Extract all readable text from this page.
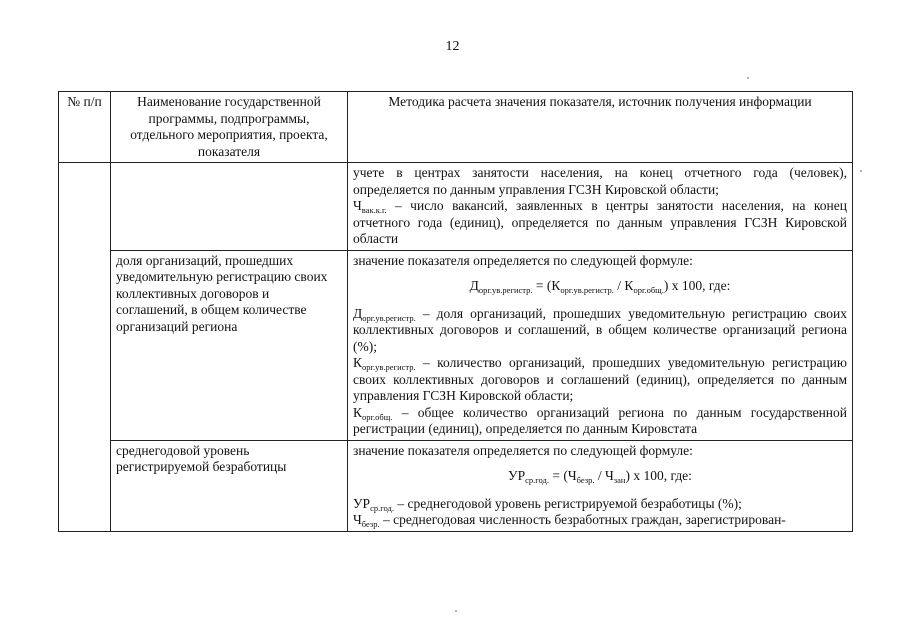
12
№ п/п	Наименование государственной программы, подпрограммы, отдельного мероприятия, проекта, показателя	Методика расчета значения показателя, источник получения информации

		учете в центрах занятости населения, на конец отчетного года (человек), определяется по данным управления ГСЗН Кировской области;
$Ч_{вак.к.г.}$ – число вакансий, заявленных в центры занятости населения, на конец отчетного года (единиц), определяется по данным управления ГСЗН Кировской области

	доля организаций, прошедших уведомительную регистрацию своих коллективных договоров и соглашений, в общем количестве организаций региона	значение показателя определяется по следующей формуле:
$Д_{орг.ув.регистр.} = (К_{орг.ув.регистр.} / К_{орг.общ.})$ х 100, где:
$Д_{орг.ув.регистр.}$ – доля организаций, прошедших уведомительную регистрацию своих коллективных договоров и соглашений, в общем количестве организаций региона (%);
$К_{орг.ув.регистр.}$ – количество организаций, прошедших уведомительную регистрацию своих коллективных договоров и соглашений (единиц), определяется по данным управления ГСЗН Кировской области;
$К_{орг.общ.}$ – общее количество организаций региона по данным государственной регистрации (единиц), определяется по данным Кировстата

	среднегодовой уровень регистрируемой безработицы	значение показателя определяется по следующей формуле:
$УР_{ср.год.} = (Ч_{безр.} / Ч_{зан})$ х 100, где:
$УР_{ср.год.}$ – среднегодовой уровень регистрируемой безработицы (%);
$Ч_{безр.}$ – среднегодовая численность безработных граждан, зарегистрирован-
